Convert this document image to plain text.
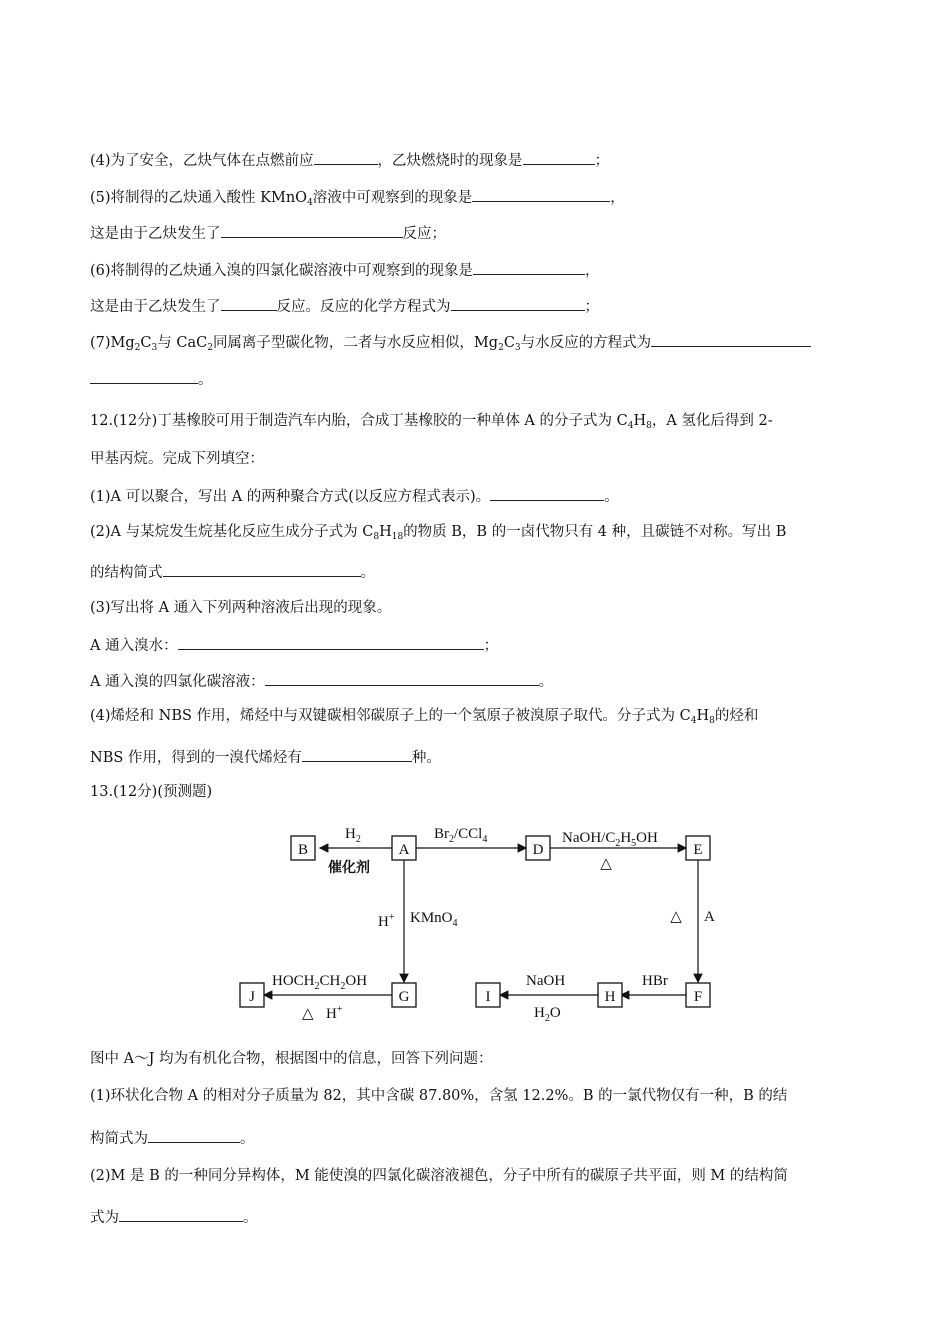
(4)为了安全，乙炔气体在点燃前应	，乙炔燃烧时的现象是	；
(5)将制得的乙炔通入酸性 KMnO$_4$溶液中可观察到的现象是	，
这是由于乙炔发生了	反应；
(6)将制得的乙炔通入溴的四氯化碳溶液中可观察到的现象是	，
这是由于乙炔发生了	反应。反应的化学方程式为	；
$(7)Mg_2C_3$与 CaC$_2$同属离子型碳化物，二者与水反应相似，$Mg_2C_3$与水反应的方程式为
。
12.(12分)丁基橡胶可用于制造汽车内胎，合成丁基橡胶的一种单体 A 的分子式为 $C_4H_8$，A 氢化后得到 2-
甲基丙烷。完成下列填空：
(1)A 可以聚合，写出 A 的两种聚合方式(以反应方程式表示)。	。
(2)A 与某烷发生烷基化反应生成分子式为 $C_8H_{18}$的物质 B，B 的一卤代物只有 4 种，且碳链不对称。写出 B
的结构简式	。
(3)写出将 A 通入下列两种溶液后出现的现象。
A 通入溴水：	；
A 通入溴的四氯化碳溶液：	。
(4)烯烃和 NBS 作用，烯烃中与双键碳相邻碳原子上的一个氢原子被溴原子取代。分子式为 $C_4H_8$的烃和
NBS 作用，得到的一溴代烯烃有	种。
13.(12分)(预测题)
A
B	D	E
F
H
I
G
J
$H_2$
催化剂
$Br_2/CCl_4$	NaOH/$C_2H_5OH$
△
△ A
H+ KMnO$_4$
HBr
NaOH
$H_2O$
$HOCH_2CH_2OH$
△ H+
图中 A～J 均为有机化合物，根据图中的信息，回答下列问题：
(1)环状化合物 A 的相对分子质量为 82，其中含碳 87.80%，含氢 12.2%。B 的一氯代物仅有一种，B 的结
构简式为	。
(2)M 是 B 的一种同分异构体，M 能使溴的四氯化碳溶液褪色，分子中所有的碳原子共平面，则 M 的结构简
式为	。
